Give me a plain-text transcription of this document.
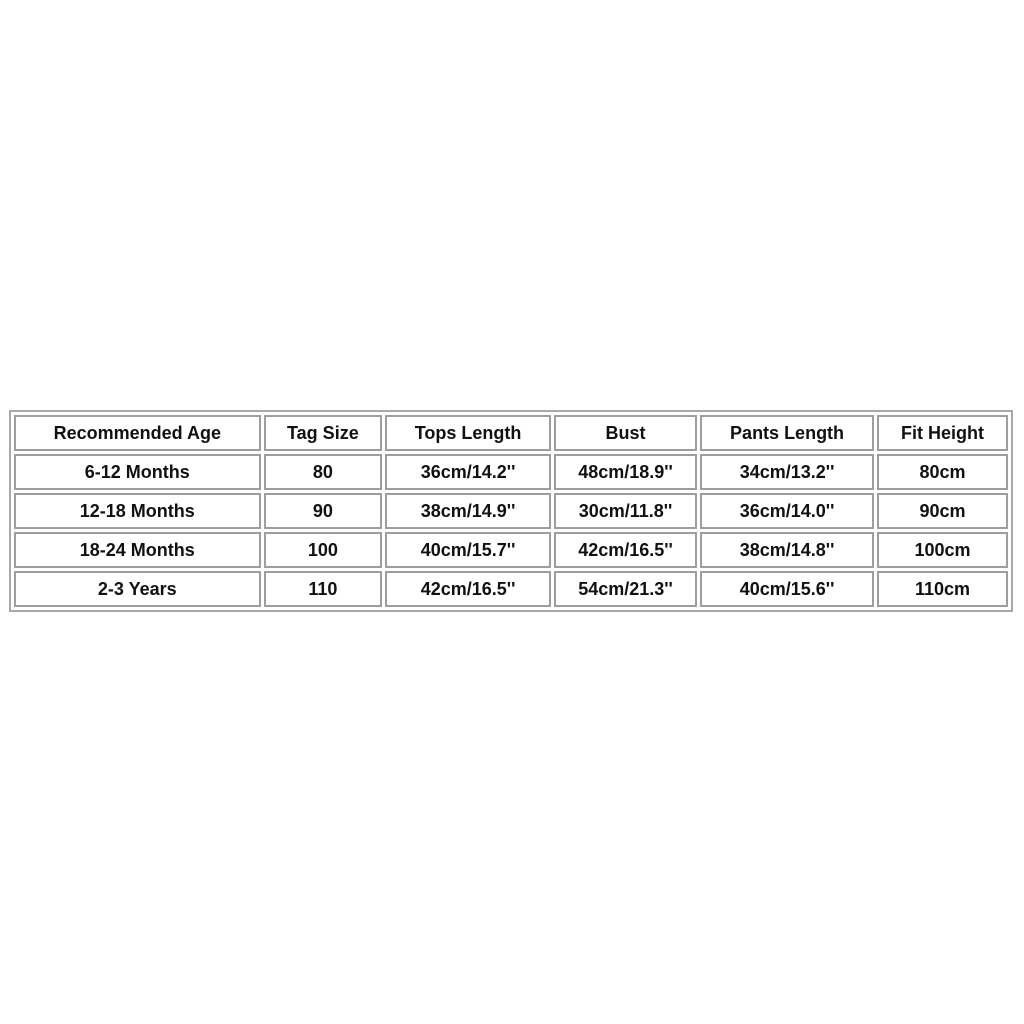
Recommended Age	Tag Size	Tops Length	Bust	Pants Length	Fit Height
6-12 Months	80	36cm/14.2''	48cm/18.9''	34cm/13.2''	80cm
12-18 Months	90	38cm/14.9''	30cm/11.8''	36cm/14.0''	90cm
18-24 Months	100	40cm/15.7''	42cm/16.5''	38cm/14.8''	100cm
2-3 Years	110	42cm/16.5''	54cm/21.3''	40cm/15.6''	110cm
